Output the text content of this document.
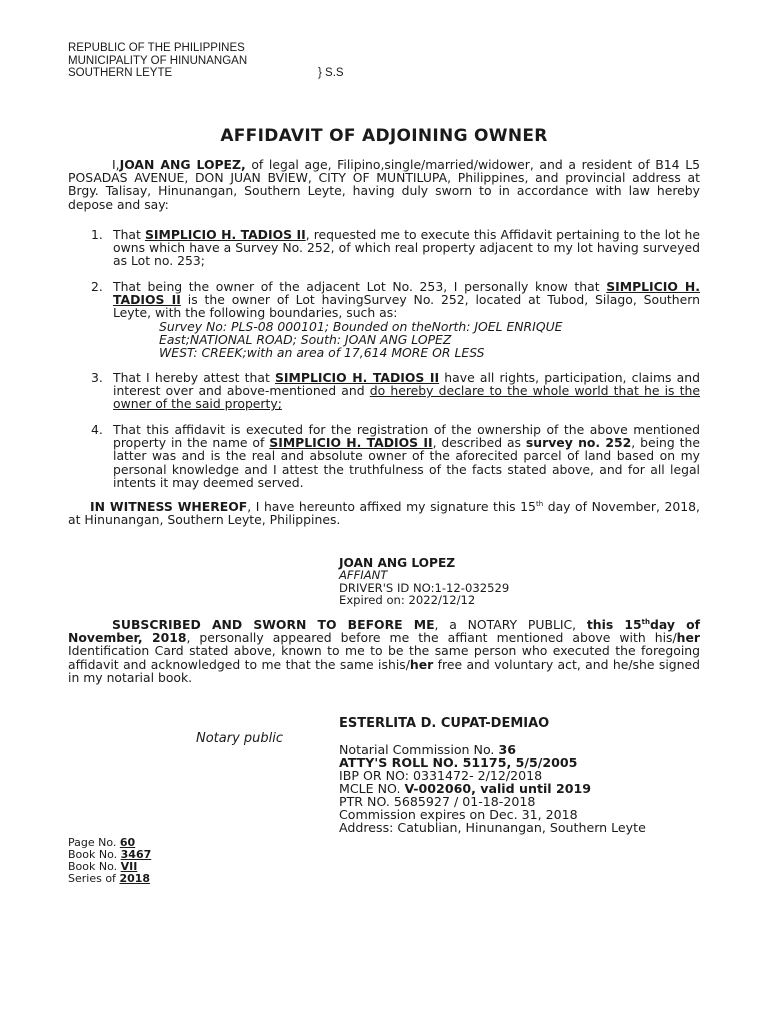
REPUBLIC OF THE PHILIPPINES
MUNICIPALITY OF HINUNANGAN
SOUTHERN LEYTE	} S.S
AFFIDAVIT OF ADJOINING OWNER
I,JOAN ANG LOPEZ, of legal age, Filipino,single/married/widower, and a resident of B14 L5 POSADAS AVENUE, DON JUAN BVIEW, CITY OF MUNTILUPA, Philippines, and provincial address at Brgy. Talisay, Hinunangan, Southern Leyte, having duly sworn to in accordance with law hereby depose and say:
1. That SIMPLICIO H. TADIOS II, requested me to execute this Affidavit pertaining to the lot he owns which have a Survey No. 252, of which real property adjacent to my lot having surveyed as Lot no. 253;
2. That being the owner of the adjacent Lot No. 253, I personally know that SIMPLICIO H. TADIOS II is the owner of Lot havingSurvey No. 252, located at Tubod, Silago, Southern Leyte, with the following boundaries, such as:
Survey No: PLS-08 000101; Bounded on theNorth: JOEL ENRIQUE
East;NATIONAL ROAD; South: JOAN ANG LOPEZ
WEST: CREEK;with an area of 17,614 MORE OR LESS
3. That I hereby attest that SIMPLICIO H. TADIOS II have all rights, participation, claims and interest over and above-mentioned and do hereby declare to the whole world that he is the owner of the said property;
4. That this affidavit is executed for the registration of the ownership of the above mentioned property in the name of SIMPLICIO H. TADIOS II, described as survey no. 252, being the latter was and is the real and absolute owner of the aforecited parcel of land based on my personal knowledge and I attest the truthfulness of the facts stated above, and for all legal intents it may deemed served.
IN WITNESS WHEREOF, I have hereunto affixed my signature this 15th day of November, 2018, at Hinunangan, Southern Leyte, Philippines.
JOAN ANG LOPEZ
AFFIANT
DRIVER'S ID NO:1-12-032529
Expired on: 2022/12/12
SUBSCRIBED AND SWORN TO BEFORE ME, a NOTARY PUBLIC, this 15thday of November, 2018, personally appeared before me the affiant mentioned above with his/her Identification Card stated above, known to me to be the same person who executed the foregoing affidavit and acknowledged to me that the same ishis/her free and voluntary act, and he/she signed in my notarial book.
Notary public
ESTERLITA D. CUPAT-DEMIAO
Notarial Commission No. 36
ATTY'S ROLL NO. 51175, 5/5/2005
IBP OR NO: 0331472- 2/12/2018
MCLE NO. V-002060, valid until 2019
PTR NO. 5685927 / 01-18-2018
Commission expires on Dec. 31, 2018
Address: Catublian, Hinunangan, Southern Leyte
Page No. 60
Book No. 3467
Book No. VII
Series of 2018
